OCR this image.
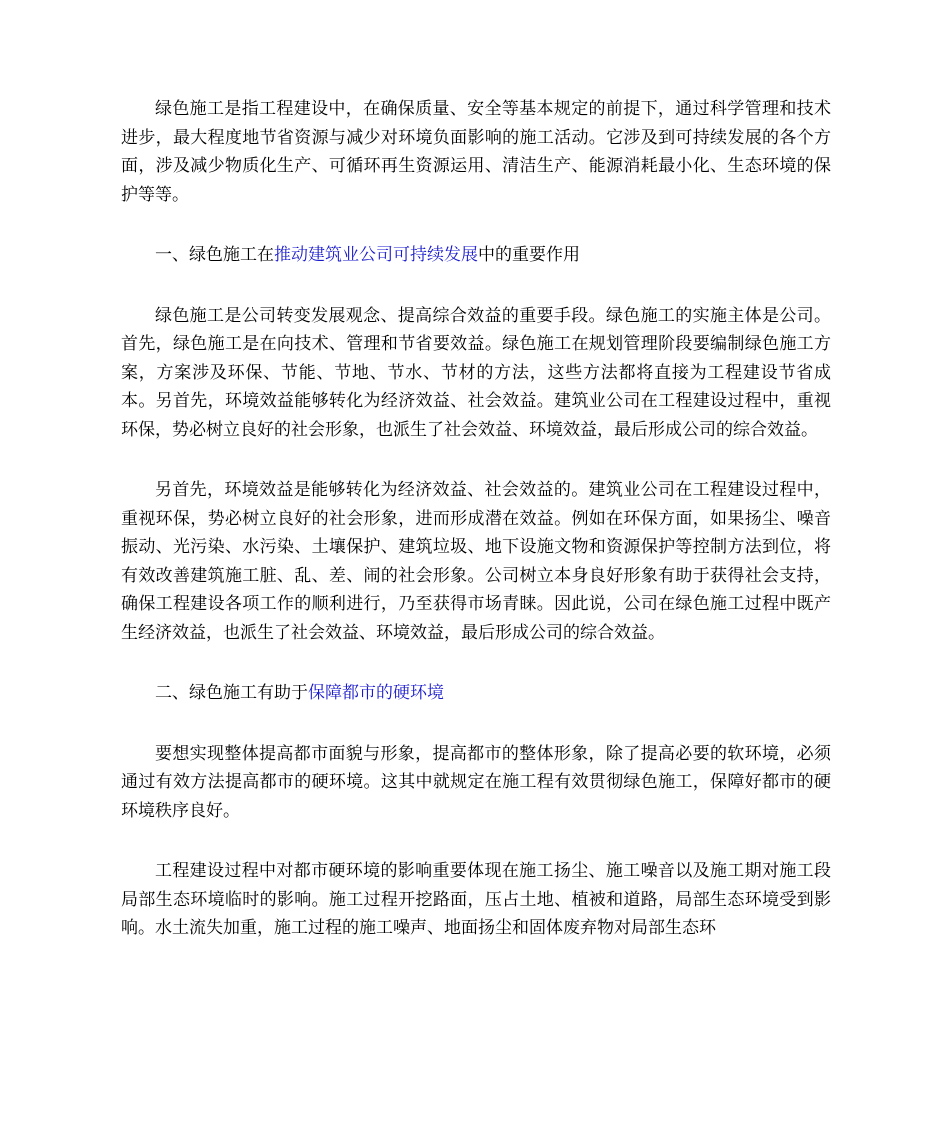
绿色施工是指工程建设中，在确保质量、安全等基本规定的前提下，通过科学管理和技术进步，最大程度地节省资源与减少对环境负面影响的施工活动。它涉及到可持续发展的各个方面，涉及减少物质化生产、可循环再生资源运用、清洁生产、能源消耗最小化、生态环境的保护等等。

一、绿色施工在推动建筑业公司可持续发展中的重要作用

绿色施工是公司转变发展观念、提高综合效益的重要手段。绿色施工的实施主体是公司。首先，绿色施工是在向技术、管理和节省要效益。绿色施工在规划管理阶段要编制绿色施工方案，方案涉及环保、节能、节地、节水、节材的方法，这些方法都将直接为工程建设节省成本。另首先，环境效益能够转化为经济效益、社会效益。建筑业公司在工程建设过程中，重视环保，势必树立良好的社会形象，也派生了社会效益、环境效益，最后形成公司的综合效益。

另首先，环境效益是能够转化为经济效益、社会效益的。建筑业公司在工程建设过程中，重视环保，势必树立良好的社会形象，进而形成潜在效益。例如在环保方面，如果扬尘、噪音振动、光污染、水污染、土壤保护、建筑垃圾、地下设施文物和资源保护等控制方法到位，将有效改善建筑施工脏、乱、差、闹的社会形象。公司树立本身良好形象有助于获得社会支持，确保工程建设各项工作的顺利进行，乃至获得市场青睐。因此说，公司在绿色施工过程中既产生经济效益，也派生了社会效益、环境效益，最后形成公司的综合效益。

二、绿色施工有助于保障都市的硬环境

要想实现整体提高都市面貌与形象，提高都市的整体形象，除了提高必要的软环境，必须通过有效方法提高都市的硬环境。这其中就规定在施工程有效贯彻绿色施工，保障好都市的硬环境秩序良好。

工程建设过程中对都市硬环境的影响重要体现在施工扬尘、施工噪音以及施工期对施工段局部生态环境临时的影响。施工过程开挖路面，压占土地、植被和道路，局部生态环境受到影响。水土流失加重，施工过程的施工噪声、地面扬尘和固体废弃物对局部生态环
